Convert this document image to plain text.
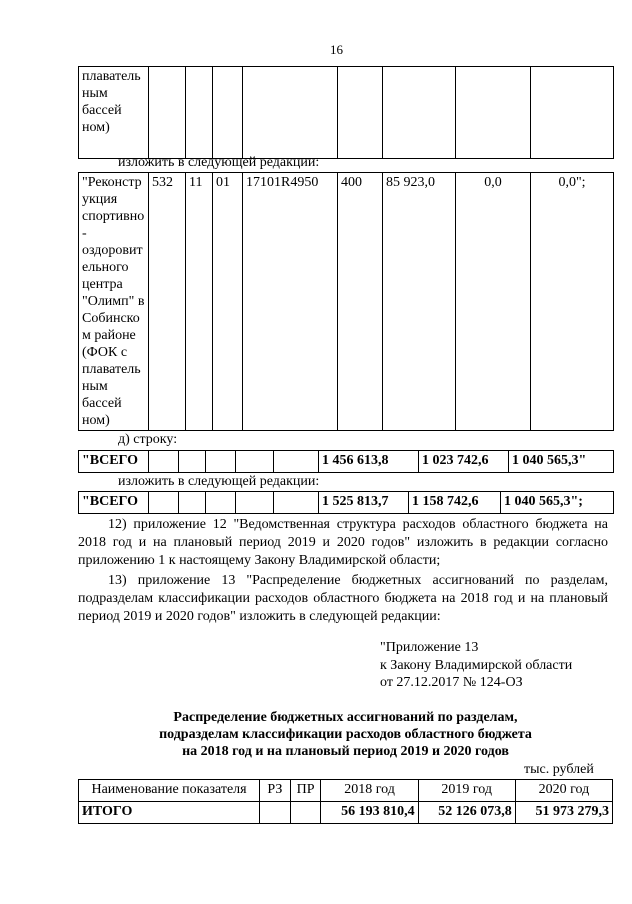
16
плаватель
ным
бассей
ном)

изложить в следующей редакции:
"Реконстр
укция
спортивно
-
оздоровит
ельного
центра
"Олимп" в
Собинско
м районе
(ФОК с
плаватель
ным
бассей
ном)
	532	11	01	17101R4950	400	85 923,0	0,0	0,0";
д) строку:
"ВСЕГО						1 456 613,8	1 023 742,6	1 040 565,3"
изложить в следующей редакции:
"ВСЕГО						1 525 813,7	1 158 742,6	1 040 565,3";
12) приложение 12 "Ведомственная структура расходов областного бюджета на 2018 год и на плановый период 2019 и 2020 годов" изложить в редакции согласно приложению 1 к настоящему Закону Владимирской области;
13) приложение 13 "Распределение бюджетных ассигнований по разделам, подразделам классификации расходов областного бюджета на 2018 год и на плановый период 2019 и 2020 годов" изложить в следующей редакции:
"Приложение 13
к Закону Владимирской области
от 27.12.2017 № 124-ОЗ
Распределение бюджетных ассигнований по разделам,
подразделам классификации расходов областного бюджета
на 2018 год и на плановый период 2019 и 2020 годов
тыс. рублей
Наименование показателя	РЗ	ПР	2018 год	2019 год	2020 год
ИТОГО			56 193 810,4	52 126 073,8	51 973 279,3
